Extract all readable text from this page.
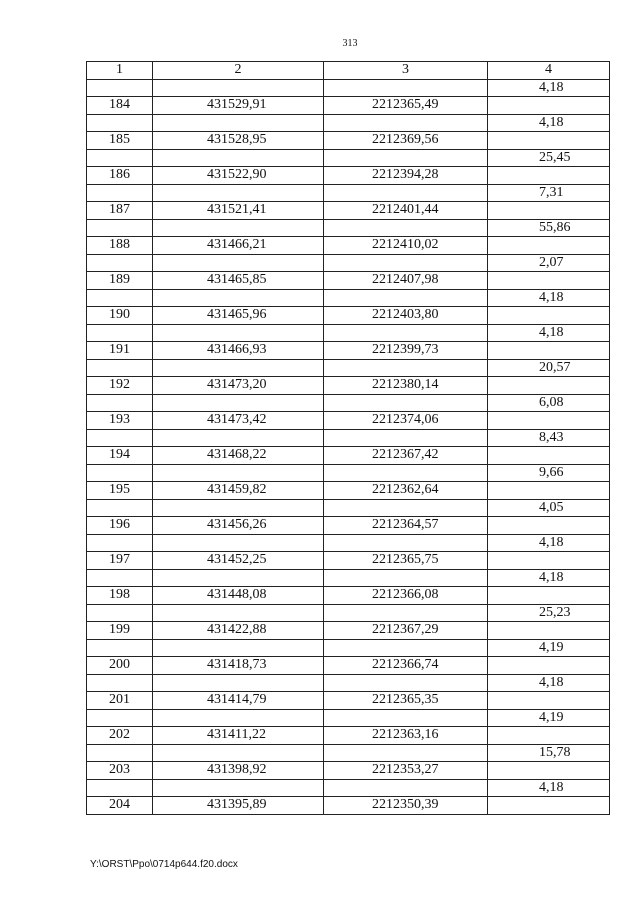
313
1	2	3	4
			4,18
184	431529,91	2212365,49	
			4,18
185	431528,95	2212369,56	
			25,45
186	431522,90	2212394,28	
			7,31
187	431521,41	2212401,44	
			55,86
188	431466,21	2212410,02	
			2,07
189	431465,85	2212407,98	
			4,18
190	431465,96	2212403,80	
			4,18
191	431466,93	2212399,73	
			20,57
192	431473,20	2212380,14	
			6,08
193	431473,42	2212374,06	
			8,43
194	431468,22	2212367,42	
			9,66
195	431459,82	2212362,64	
			4,05
196	431456,26	2212364,57	
			4,18
197	431452,25	2212365,75	
			4,18
198	431448,08	2212366,08	
			25,23
199	431422,88	2212367,29	
			4,19
200	431418,73	2212366,74	
			4,18
201	431414,79	2212365,35	
			4,19
202	431411,22	2212363,16	
			15,78
203	431398,92	2212353,27	
			4,18
204	431395,89	2212350,39	
Y:\ORST\Ppo\0714p644.f20.docx
